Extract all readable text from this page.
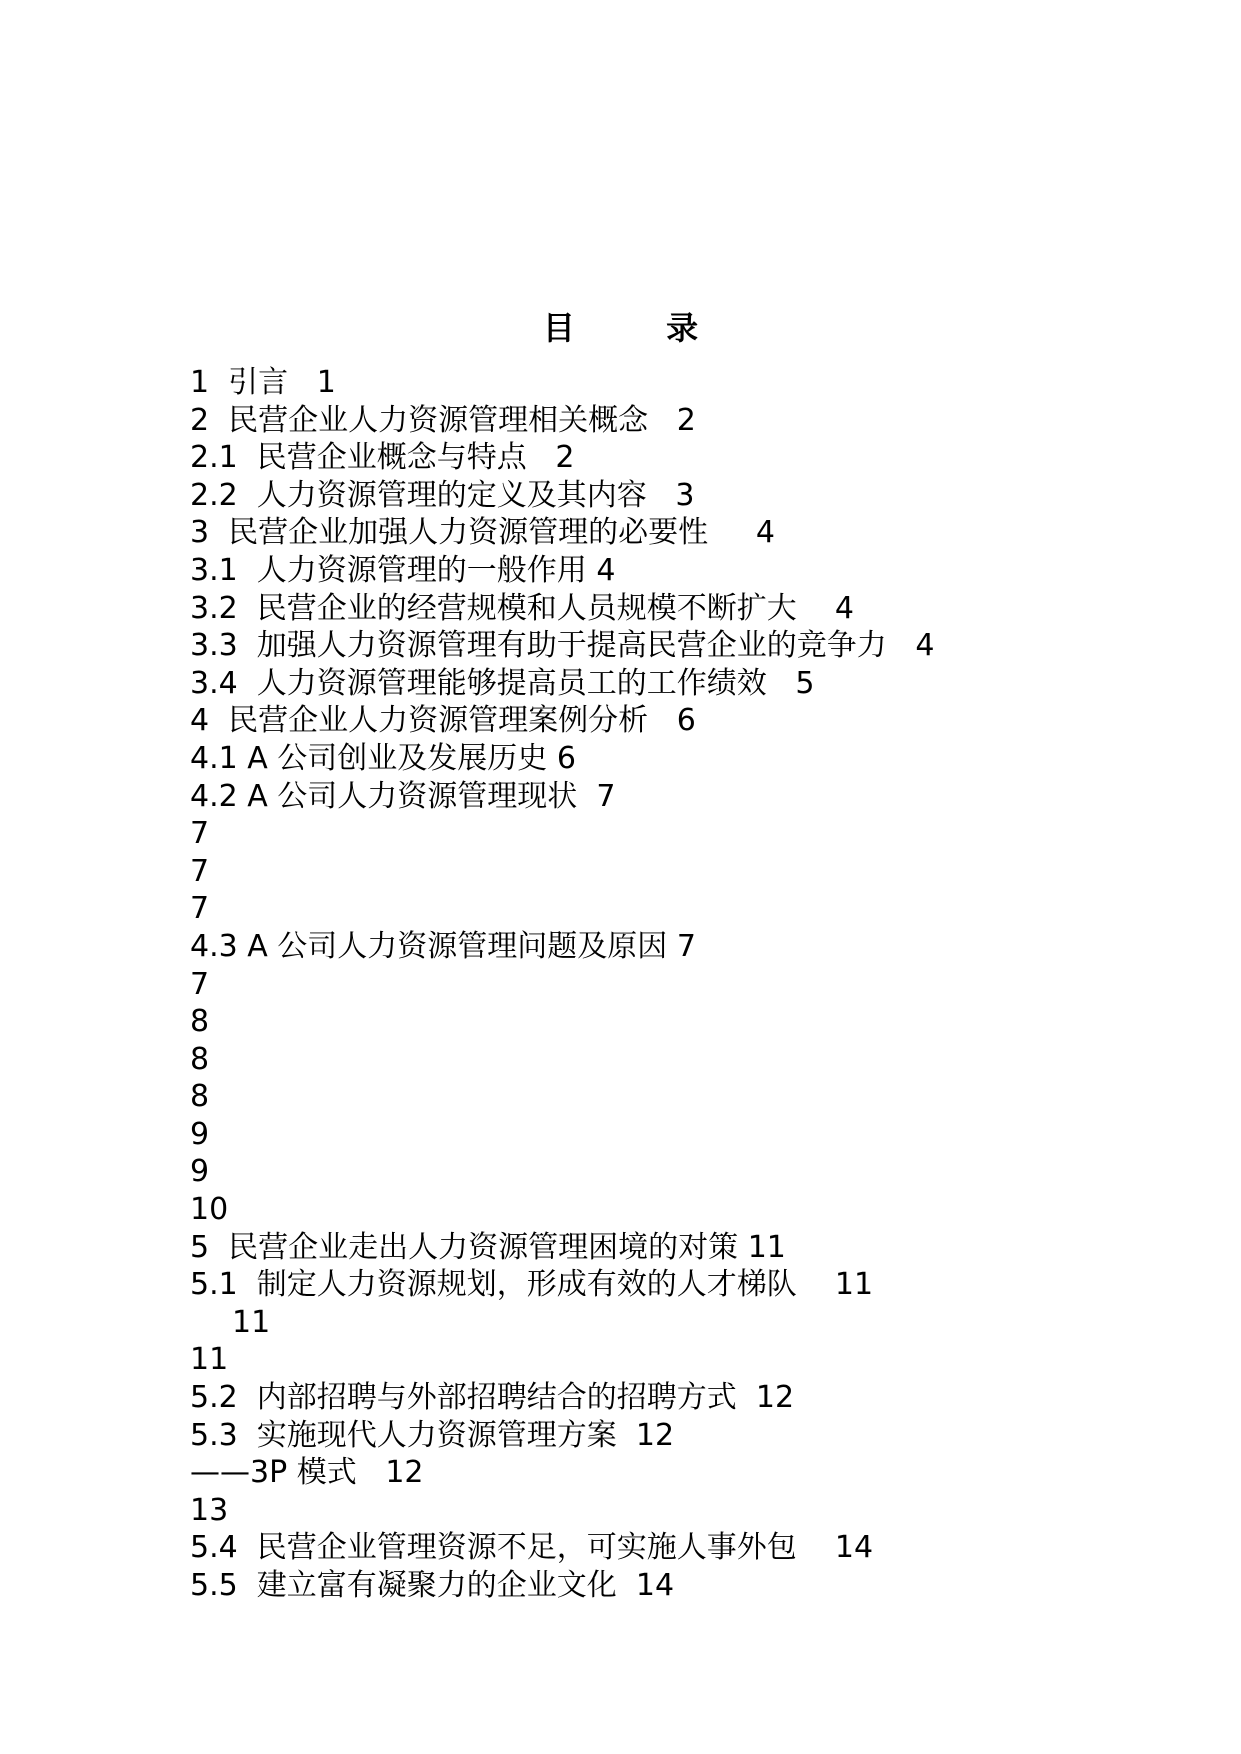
目 录
1  引言   1
2  民营企业人力资源管理相关概念   2
2.1  民营企业概念与特点   2
2.2  人力资源管理的定义及其内容   3
3  民营企业加强人力资源管理的必要性     4
3.1  人力资源管理的一般作用 4
3.2  民营企业的经营规模和人员规模不断扩大    4
3.3  加强人力资源管理有助于提高民营企业的竞争力   4
3.4  人力资源管理能够提高员工的工作绩效   5
4  民营企业人力资源管理案例分析   6
4.1 A 公司创业及发展历史 6
4.2 A 公司人力资源管理现状  7
7
7
7
4.3 A 公司人力资源管理问题及原因 7
7
8
8
8
9
9
10
5  民营企业走出人力资源管理困境的对策 11
5.1  制定人力资源规划，形成有效的人才梯队    11
11
11
5.2  内部招聘与外部招聘结合的招聘方式  12
5.3  实施现代人力资源管理方案  12
——3P 模式   12
13
5.4  民营企业管理资源不足，可实施人事外包    14
5.5  建立富有凝聚力的企业文化  14
